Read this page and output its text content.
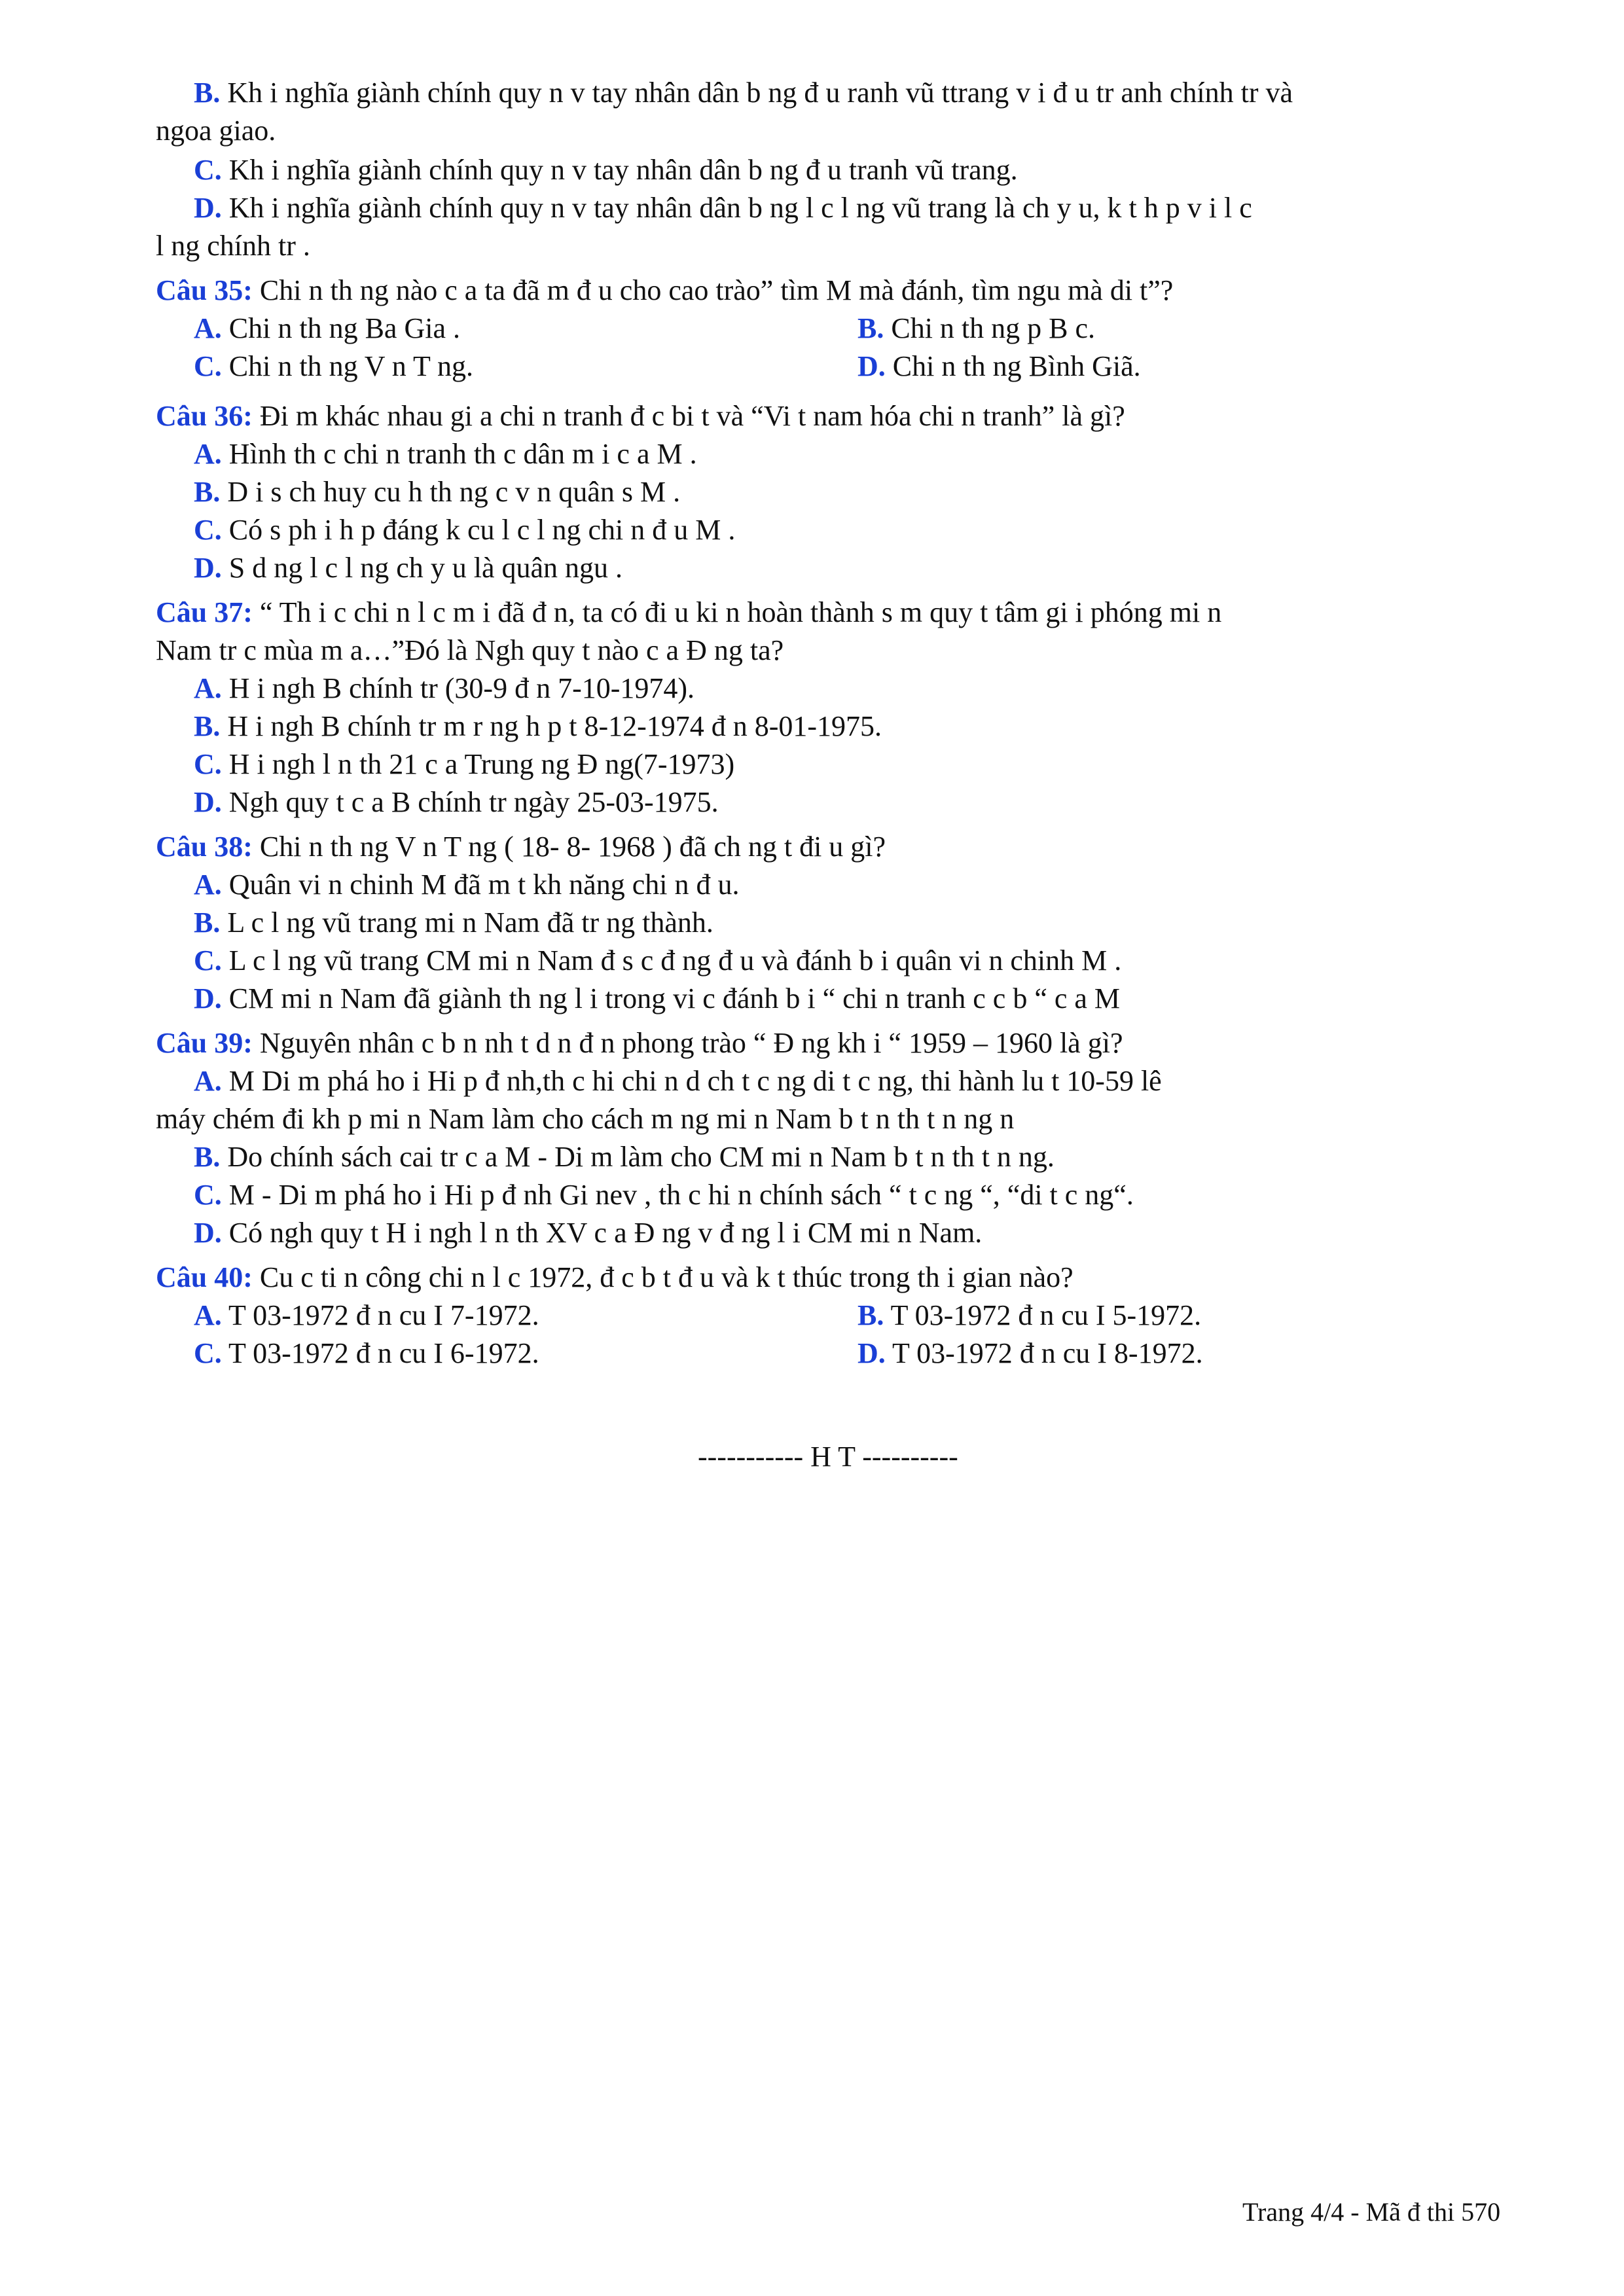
B. Kh i nghĩa giành chính quy n v tay nhân dân b ng đ u ranh vũ ttrang v i đ u tr anh chính tr và
ngoa giao.
C. Kh i nghĩa giành chính quy n v tay nhân dân b ng đ u tranh vũ trang.
D. Kh i nghĩa giành chính quy n v tay nhân dân b ng l c l ng vũ trang là ch y u, k t h p v i l c
l ng chính tr .
Câu 35: Chi n th ng nào c a ta đã m đ u cho cao trào” tìm M mà đánh, tìm ngu mà di t”?
A. Chi n th ng Ba Gia .	B. Chi n th ng p B c.
C. Chi n th ng V n T ng.	D. Chi n th ng Bình Giã.
Câu 36: Đi m khác nhau gi a chi n tranh đ c bi t và “Vi t nam hóa chi n tranh” là gì?
A. Hình th c chi n tranh th c dân m i c a M .
B. D i s ch huy cu h th ng c v n quân s M .
C. Có s ph i h p đáng k cu l c l ng chi n đ u M .
D. S d ng l c l ng ch y u là quân ngu .
Câu 37: “ Th i c chi n l c m i đã đ n, ta có đi u ki n hoàn thành s m quy t tâm gi i phóng mi n
Nam tr c mùa m a…”Đó là Ngh quy t nào c a Đ ng ta?
A. H i ngh B chính tr (30-9 đ n 7-10-1974).
B. H i ngh B chính tr m r ng h p t 8-12-1974 đ n 8-01-1975.
C. H i ngh l n th 21 c a Trung ng Đ ng(7-1973)
D. Ngh quy t c a B chính tr ngày 25-03-1975.
Câu 38: Chi n th ng V n T ng ( 18- 8- 1968 ) đã ch ng t đi u gì?
A. Quân vi n chinh M đã m t kh năng chi n đ u.
B. L c l ng vũ trang mi n Nam đã tr ng thành.
C. L c l ng vũ trang CM mi n Nam đ s c đ ng đ u và đánh b i quân vi n chinh M .
D. CM mi n Nam đã giành th ng l i trong vi c đánh b i “ chi n tranh c c b “ c a M
Câu 39: Nguyên nhân c b n nh t d n đ n phong trào “ Đ ng kh i “ 1959 – 1960 là gì?
A. M Di m phá ho i Hi p đ nh,th c hi chi n d ch t c ng di t c ng, thi hành lu t 10-59 lê
máy chém đi kh p mi n Nam làm cho cách m ng mi n Nam b t n th t n ng n
B. Do chính sách cai tr c a M - Di m làm cho CM mi n Nam b t n th t n ng.
C. M - Di m phá ho i Hi p đ nh Gi nev , th c hi n chính sách “ t c ng “, “di t c ng“.
D. Có ngh quy t H i ngh l n th XV c a Đ ng v đ ng l i CM mi n Nam.
Câu 40: Cu c ti n công chi n l c 1972, đ c b t đ u và k t thúc trong th i gian nào?
A. T 03-1972 đ n cu I 7-1972.	B. T 03-1972 đ n cu I 5-1972.
C. T 03-1972 đ n cu I 6-1972.	D. T 03-1972 đ n cu I 8-1972.
----------- H T ----------
Trang 4/4 - Mã đ thi 570
